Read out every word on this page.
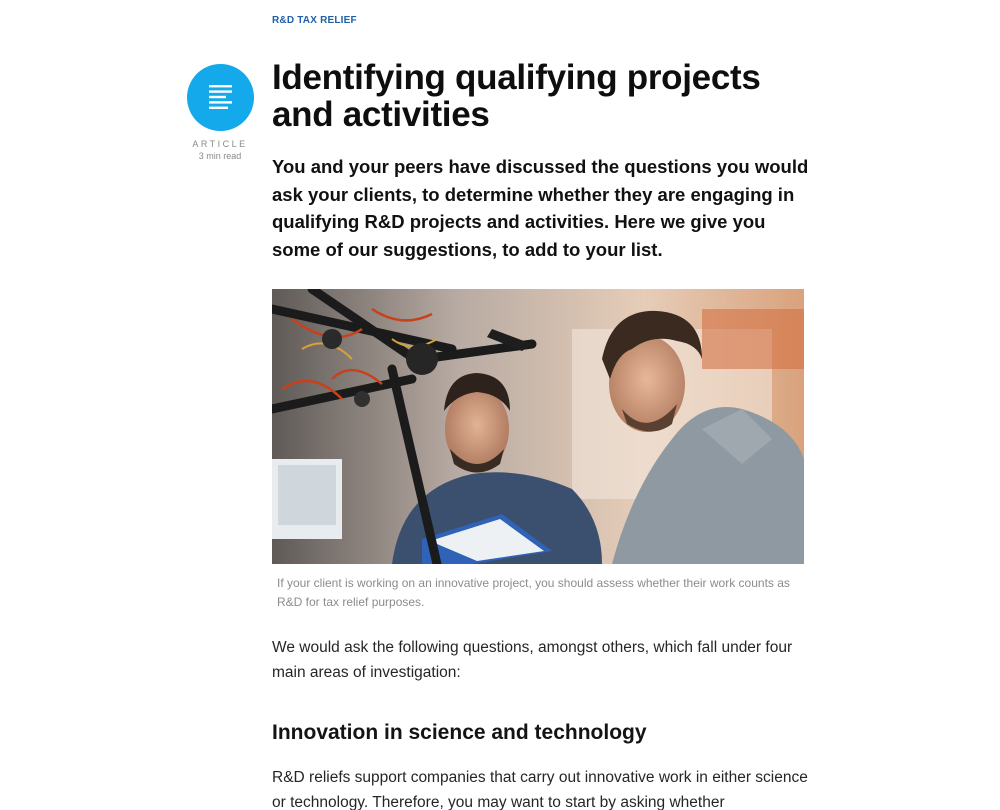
R&D TAX RELIEF
ARTICLE
3 min read
Identifying qualifying projects and activities

You and your peers have discussed the questions you would ask your clients, to determine whether they are engaging in qualifying R&D projects and activities. Here we give you some of our suggestions, to add to your list.

If your client is working on an innovative project, you should assess whether their work counts as R&D for tax relief purposes.

We would ask the following questions, amongst others, which fall under four main areas of investigation:

Innovation in science and technology

R&D reliefs support companies that carry out innovative work in either science or technology. Therefore, you may want to start by asking whether
